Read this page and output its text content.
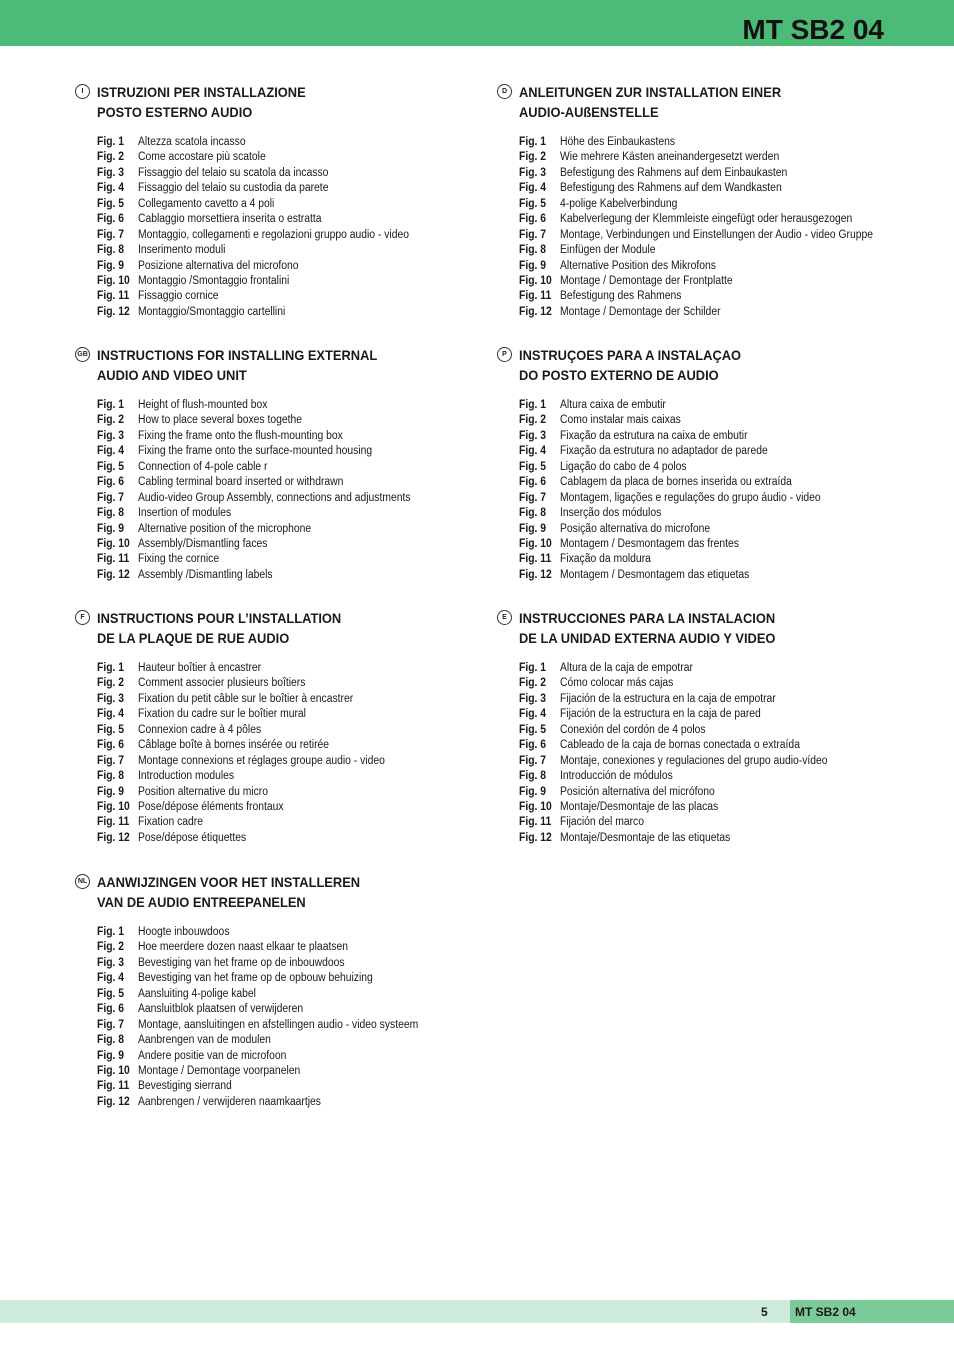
MT SB2 04
I ISTRUZIONI PER INSTALLAZIONE
POSTO ESTERNO AUDIO
Fig. 1 Altezza scatola incasso
Fig. 2 Come accostare più scatole
Fig. 3 Fissaggio del telaio su scatola da incasso
Fig. 4 Fissaggio del telaio su custodia da parete
Fig. 5 Collegamento cavetto a 4 poli
Fig. 6 Cablaggio morsettiera inserita o estratta
Fig. 7 Montaggio, collegamenti e regolazioni gruppo audio - video
Fig. 8 Inserimento moduli
Fig. 9 Posizione alternativa del microfono
Fig. 10 Montaggio /Smontaggio frontalini
Fig. 11 Fissaggio cornice
Fig. 12 Montaggio/Smontaggio cartellini
D ANLEITUNGEN ZUR INSTALLATION EINER
AUDIO-AUßENSTELLE
Fig. 1 Höhe des Einbaukastens
Fig. 2 Wie mehrere Kästen aneinandergesetzt werden
Fig. 3 Befestigung des Rahmens auf dem Einbaukasten
Fig. 4 Befestigung des Rahmens auf dem Wandkasten
Fig. 5 4-polige Kabelverbindung
Fig. 6 Kabelverlegung der Klemmleiste eingefügt oder herausgezogen
Fig. 7 Montage, Verbindungen und Einstellungen der Audio - video Gruppe
Fig. 8 Einfügen der Module
Fig. 9 Alternative Position des Mikrofons
Fig. 10 Montage / Demontage der Frontplatte
Fig. 11 Befestigung des Rahmens
Fig. 12 Montage / Demontage der Schilder
GB INSTRUCTIONS FOR INSTALLING EXTERNAL
AUDIO AND VIDEO UNIT
Fig. 1 Height of flush-mounted box
Fig. 2 How to place several boxes togethe
Fig. 3 Fixing the frame onto the flush-mounting box
Fig. 4 Fixing the frame onto the surface-mounted housing
Fig. 5 Connection of 4-pole cable r
Fig. 6 Cabling terminal board inserted or withdrawn
Fig. 7 Audio-video Group Assembly, connections and adjustments
Fig. 8 Insertion of modules
Fig. 9 Alternative position of the microphone
Fig. 10 Assembly/Dismantling faces
Fig. 11 Fixing the cornice
Fig. 12 Assembly /Dismantling labels
P INSTRUÇOES PARA A INSTALAÇAO
DO POSTO EXTERNO DE AUDIO
Fig. 1 Altura caixa de embutir
Fig. 2 Como instalar mais caixas
Fig. 3 Fixação da estrutura na caixa de embutir
Fig. 4 Fixação da estrutura no adaptador de parede
Fig. 5 Ligação do cabo de 4 polos
Fig. 6 Cablagem da placa de bornes inserida ou extraída
Fig. 7 Montagem, ligações e regulações do grupo áudio - video
Fig. 8 Inserção dos módulos
Fig. 9 Posição alternativa do microfone
Fig. 10 Montagem / Desmontagem das frentes
Fig. 11 Fixação da moldura
Fig. 12 Montagem / Desmontagem das etiquetas
F INSTRUCTIONS POUR L’INSTALLATION
DE LA PLAQUE DE RUE AUDIO
Fig. 1 Hauteur boîtier à encastrer
Fig. 2 Comment associer plusieurs boîtiers
Fig. 3 Fixation du petit câble sur le boîtier à encastrer
Fig. 4 Fixation du cadre sur le boîtier mural
Fig. 5 Connexion cadre à 4 pôles
Fig. 6 Câblage boîte à bornes insérée ou retirée
Fig. 7 Montage connexions et réglages groupe audio - video
Fig. 8 Introduction modules
Fig. 9 Position alternative du micro
Fig. 10 Pose/dépose éléments frontaux
Fig. 11 Fixation cadre
Fig. 12 Pose/dépose étiquettes
E INSTRUCCIONES PARA LA INSTALACION
DE LA UNIDAD EXTERNA AUDIO Y VIDEO
Fig. 1 Altura de la caja de empotrar
Fig. 2 Cómo colocar más cajas
Fig. 3 Fijación de la estructura en la caja de empotrar
Fig. 4 Fijación de la estructura en la caja de pared
Fig. 5 Conexión del cordón de 4 polos
Fig. 6 Cableado de la caja de bornas conectada o extraída
Fig. 7 Montaje, conexiones y regulaciones del grupo audio-vídeo
Fig. 8 Introducción de módulos
Fig. 9 Posición alternativa del micrófono
Fig. 10 Montaje/Desmontaje de las placas
Fig. 11 Fijación del marco
Fig. 12 Montaje/Desmontaje de las etiquetas
NL AANWIJZINGEN VOOR HET INSTALLEREN
VAN DE AUDIO ENTREEPANELEN
Fig. 1 Hoogte inbouwdoos
Fig. 2 Hoe meerdere dozen naast elkaar te plaatsen
Fig. 3 Bevestiging van het frame op de inbouwdoos
Fig. 4 Bevestiging van het frame op de opbouw behuizing
Fig. 5 Aansluiting 4-polige kabel
Fig. 6 Aansluitblok plaatsen of verwijderen
Fig. 7 Montage, aansluitingen en afstellingen audio - video systeem
Fig. 8 Aanbrengen van de modulen
Fig. 9 Andere positie van de microfoon
Fig. 10 Montage / Demontage voorpanelen
Fig. 11 Bevestiging sierrand
Fig. 12 Aanbrengen / verwijderen naamkaartjes
5 MT SB2 04
